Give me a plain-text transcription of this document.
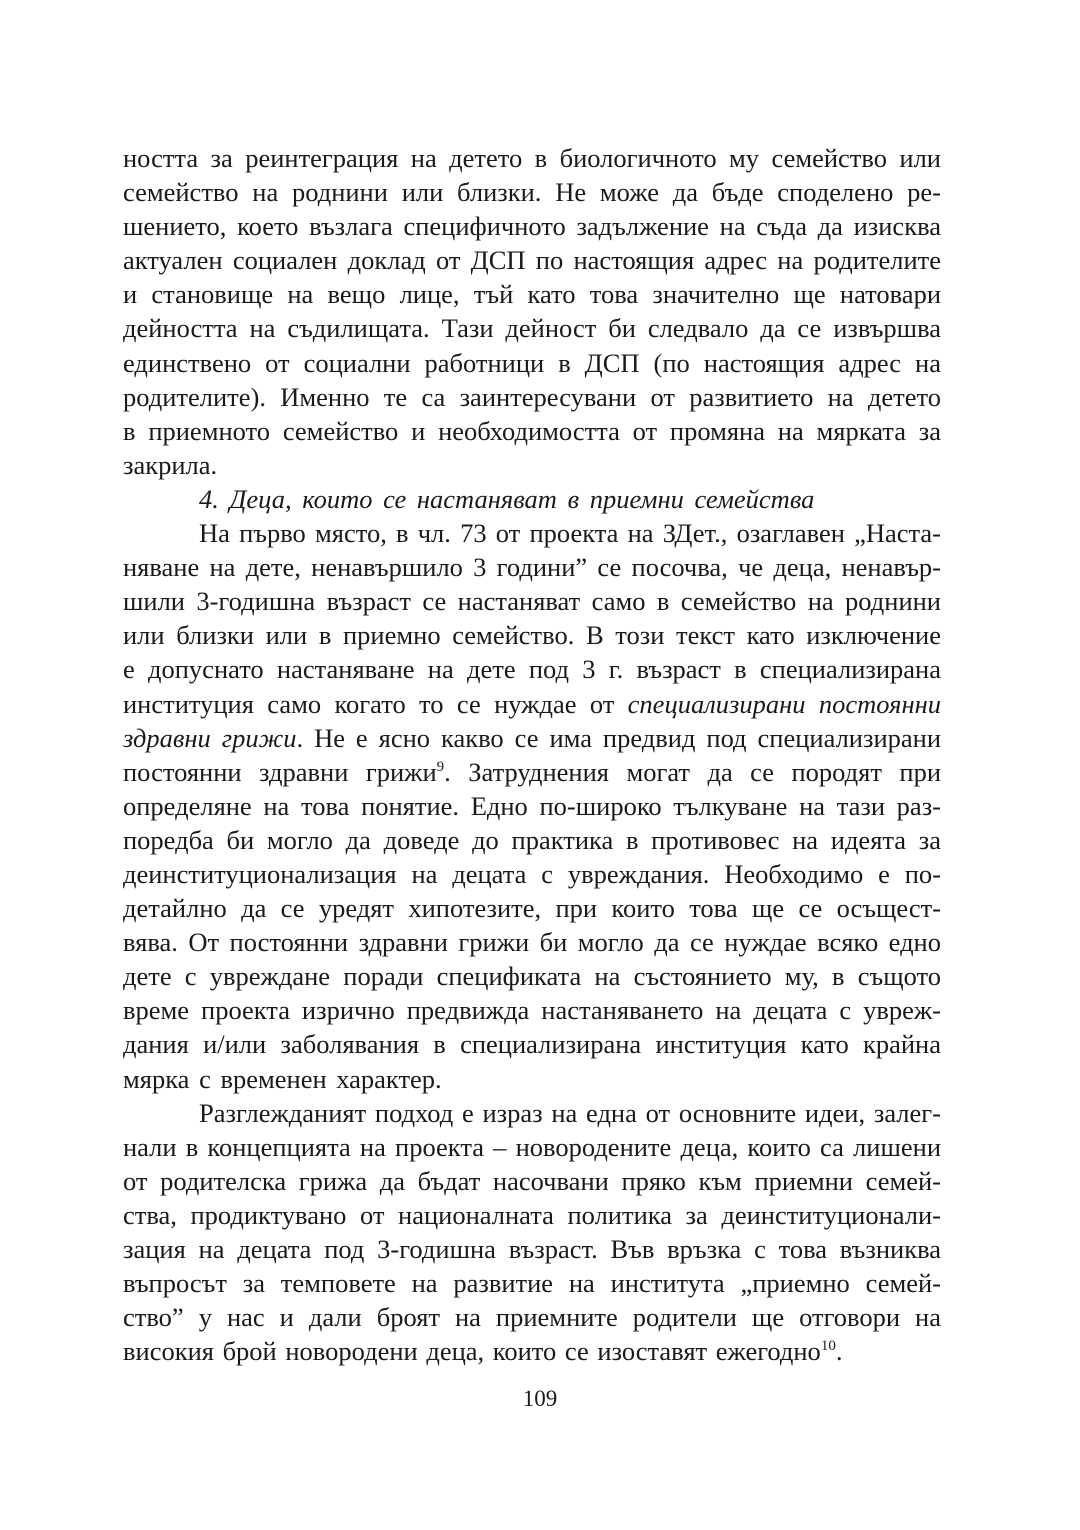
ността за реинтеграция на детето в биологичното му семейство или
семейство на роднини или близки. Не може да бъде споделено ре-
шението, което възлага специфичното задължение на съда да изисква
актуален социален доклад от ДСП по настоящия адрес на родителите
и становище на вещо лице, тъй като това значително ще натовари
дейността на съдилищата. Тази дейност би следвало да се извършва
единствено от социални работници в ДСП (по настоящия адрес на
родителите). Именно те са заинтересувани от развитието на детето
в приемното семейство и необходимостта от промяна на мярката за
закрила.
4. Деца, които се настаняват в приемни семейства
На първо място, в чл. 73 от проекта на ЗДет., озаглавен „Наста-
няване на дете, ненавършило 3 години” се посочва, че деца, ненавър-
шили 3-годишна възраст се настаняват само в семейство на роднини
или близки или в приемно семейство. В този текст като изключение
е допуснато настаняване на дете под 3 г. възраст в специализирана
институция само когато то се нуждае от специализирани постоянни
здравни грижи. Не е ясно какво се има предвид под специализирани
постоянни здравни грижи$^9$. Затруднения могат да се породят при
определяне на това понятие. Едно по-широко тълкуване на тази раз-
поредба би могло да доведе до практика в противовес на идеята за
деинституционализация на децата с увреждания. Необходимо е по-
детайлно да се уредят хипотезите, при които това ще се осъщест-
вява. От постоянни здравни грижи би могло да се нуждае всяко едно
дете с увреждане поради спецификата на състоянието му, в същото
време проекта изрично предвижда настаняването на децата с увреж-
дания и/или заболявания в специализирана институция като крайна
мярка с временен характер.
Разглежданият подход е израз на една от основните идеи, залег-
нали в концепцията на проекта – новородените деца, които са лишени
от родителска грижа да бъдат насочвани пряко към приемни семей-
ства, продиктувано от националната политика за деинституционали-
зация на децата под 3-годишна възраст. Във връзка с това възниква
въпросът за темповете на развитие на института „приемно семей-
ство” у нас и дали броят на приемните родители ще отговори на
високия брой новородени деца, които се изоставят ежегодно$^{10}$.
109
